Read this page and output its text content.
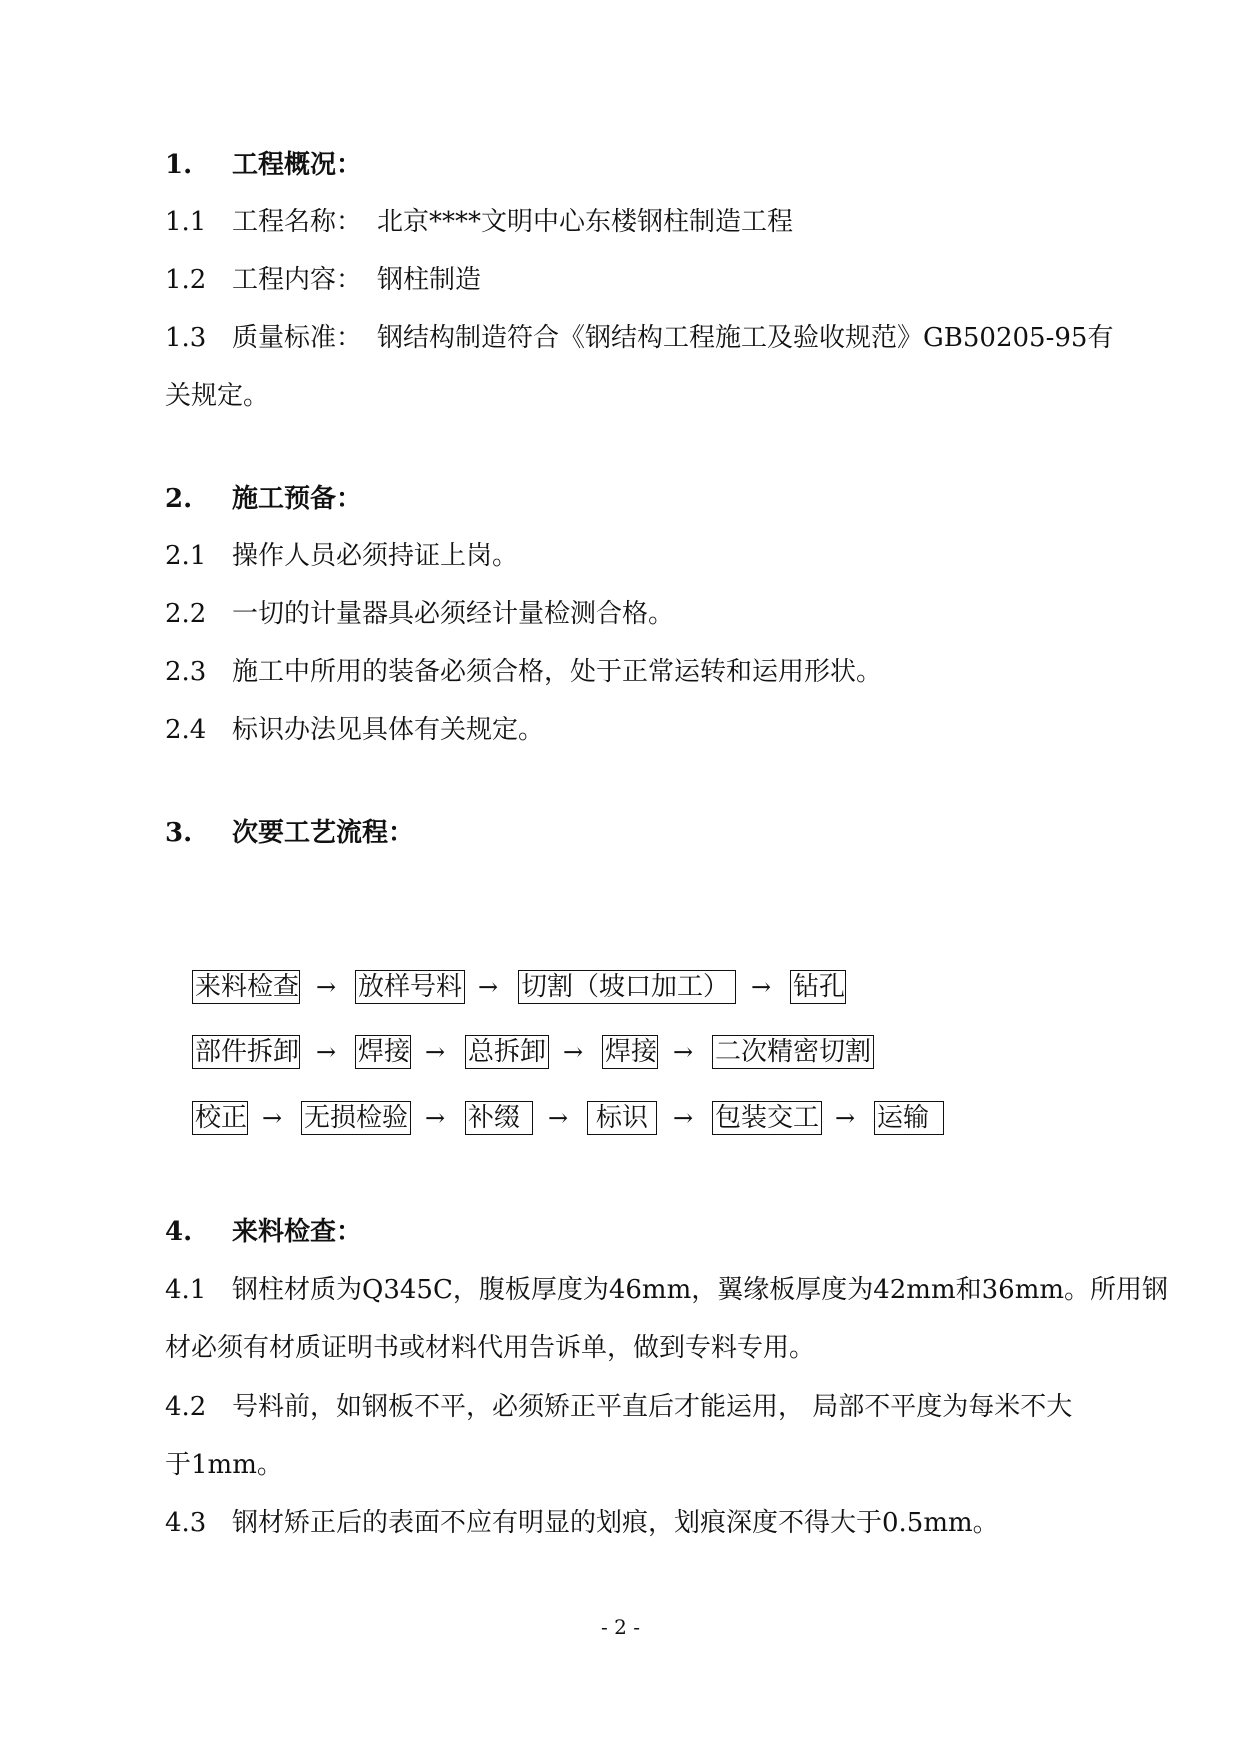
1. 工程概况：
1.1 工程名称： 北京****文明中心东楼钢柱制造工程
1.2 工程内容： 钢柱制造
1.3 质量标准： 钢结构制造符合《钢结构工程施工及验收规范》GB50205-95有
关规定。
2. 施工预备：
2.1 操作人员必须持证上岗。
2.2 一切的计量器具必须经计量检测合格。
2.3 施工中所用的装备必须合格，处于正常运转和运用形状。
2.4 标识办法见具体有关规定。
3. 次要工艺流程：
来料检查 → 放样号料 → 切割（坡口加工） → 钻孔
部件拆卸 → 焊接 → 总拆卸 → 焊接 → 二次精密切割
校正 → 无损检验 → 补缀	→	标识	→ 包装交工 → 运输
4. 来料检查：
4.1 钢柱材质为Q345C，腹板厚度为46mm，翼缘板厚度为42mm和36mm。所用钢
材必须有材质证明书或材料代用告诉单，做到专料专用。
4.2 号料前，如钢板不平，必须矫正平直后才能运用， 局部不平度为每米不大
于1mm。
4.3 钢材矫正后的表面不应有明显的划痕，划痕深度不得大于0.5mm。
- 2 -
